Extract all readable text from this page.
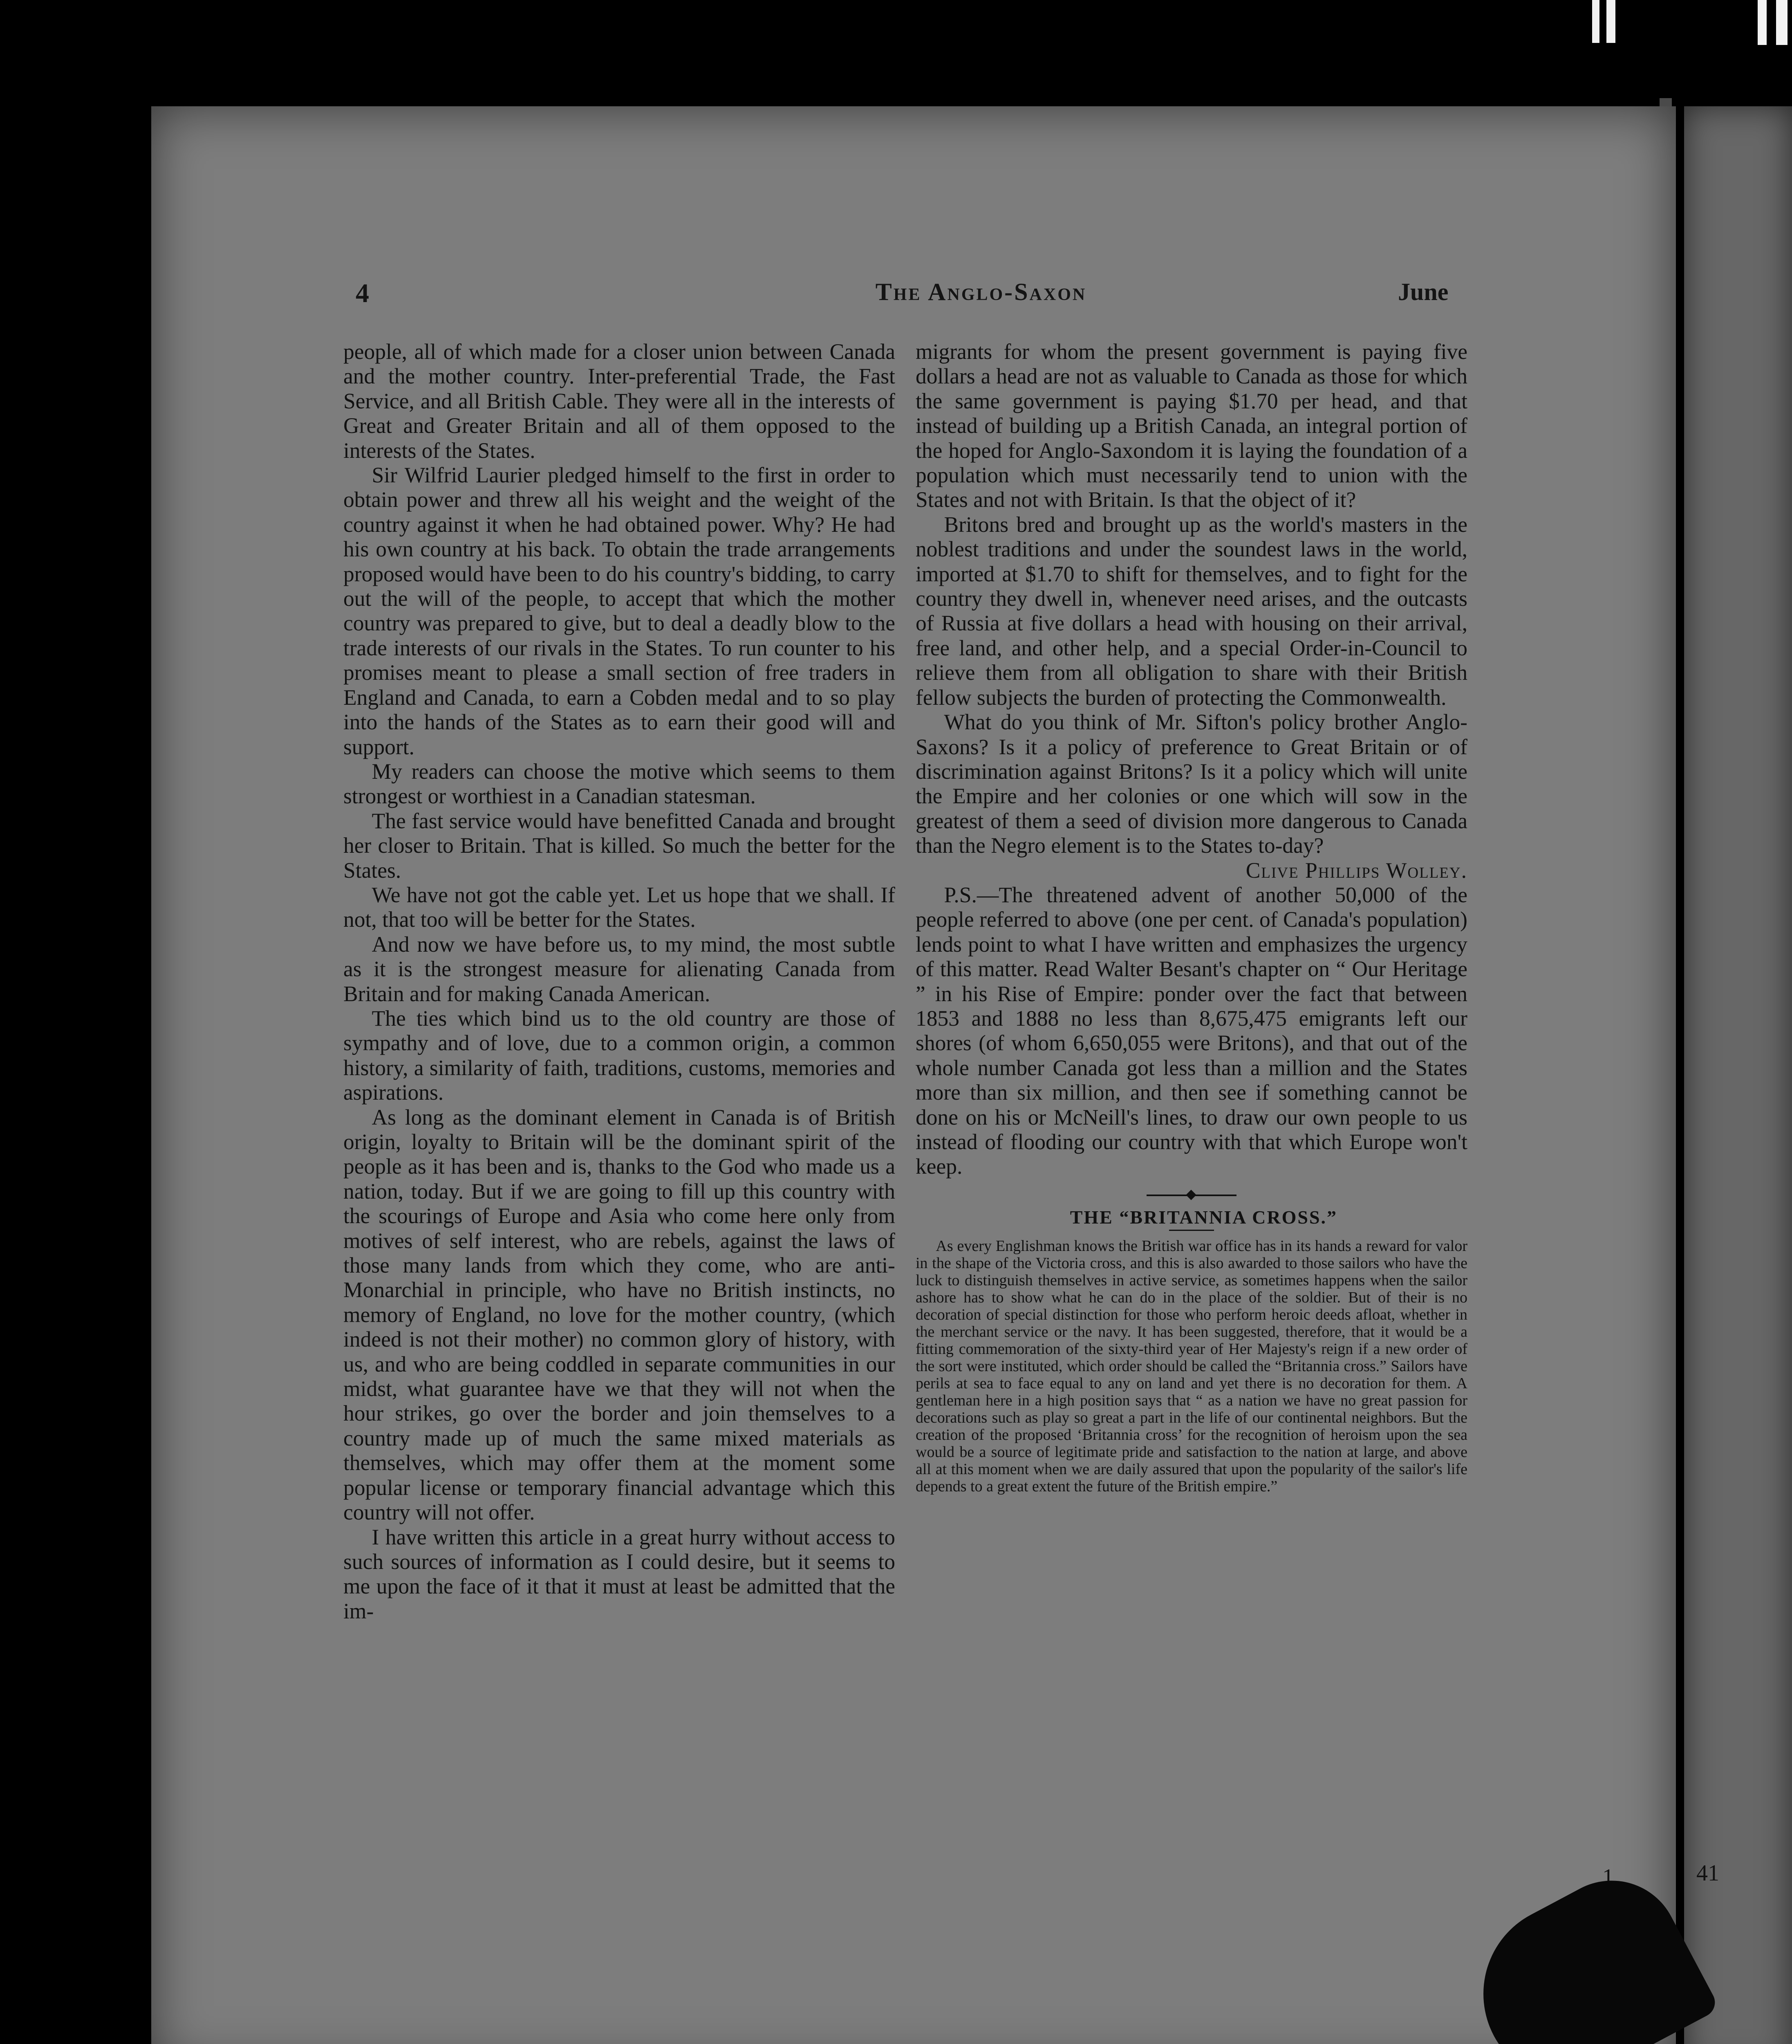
41
4	The Anglo-Saxon	June

people, all of which made for a closer union between Canada and the mother country. Inter-preferential Trade, the Fast Service, and all British Cable. They were all in the interests of Great and Greater Britain and all of them opposed to the interests of the States.

Sir Wilfrid Laurier pledged himself to the first in order to obtain power and threw all his weight and the weight of the country against it when he had obtained power. Why? He had his own country at his back. To obtain the trade arrangements proposed would have been to do his country's bidding, to carry out the will of the people, to accept that which the mother country was prepared to give, but to deal a deadly blow to the trade interests of our rivals in the States. To run counter to his promises meant to please a small section of free traders in England and Canada, to earn a Cobden medal and to so play into the hands of the States as to earn their good will and support.

My readers can choose the motive which seems to them strongest or worthiest in a Canadian statesman.

The fast service would have benefitted Canada and brought her closer to Britain. That is killed. So much the better for the States.

We have not got the cable yet. Let us hope that we shall. If not, that too will be better for the States.

And now we have before us, to my mind, the most subtle as it is the strongest measure for alienating Canada from Britain and for making Canada American.

The ties which bind us to the old country are those of sympathy and of love, due to a common origin, a common history, a similarity of faith, traditions, customs, memories and aspirations.

As long as the dominant element in Canada is of British origin, loyalty to Britain will be the dominant spirit of the people as it has been and is, thanks to the God who made us a nation, today. But if we are going to fill up this country with the scourings of Europe and Asia who come here only from motives of self interest, who are rebels, against the laws of those many lands from which they come, who are anti-Monarchial in principle, who have no British instincts, no memory of England, no love for the mother country, (which indeed is not their mother) no common glory of history, with us, and who are being coddled in separate communities in our midst, what guarantee have we that they will not when the hour strikes, go over the border and join themselves to a country made up of much the same mixed materials as themselves, which may offer them at the moment some popular license or temporary financial advantage which this country will not offer.

I have written this article in a great hurry without access to such sources of information as I could desire, but it seems to me upon the face of it that it must at least be admitted that the im-

migrants for whom the present government is paying five dollars a head are not as valuable to Canada as those for which the same government is paying $1.70 per head, and that instead of building up a British Canada, an integral portion of the hoped for Anglo-Saxondom it is laying the foundation of a population which must necessarily tend to union with the States and not with Britain. Is that the object of it?

Britons bred and brought up as the world's masters in the noblest traditions and under the soundest laws in the world, imported at $1.70 to shift for themselves, and to fight for the country they dwell in, whenever need arises, and the outcasts of Russia at five dollars a head with housing on their arrival, free land, and other help, and a special Order-in-Council to relieve them from all obligation to share with their British fellow subjects the burden of protecting the Commonwealth.

What do you think of Mr. Sifton's policy brother Anglo-Saxons? Is it a policy of preference to Great Britain or of discrimination against Britons? Is it a policy which will unite the Empire and her colonies or one which will sow in the greatest of them a seed of division more dangerous to Canada than the Negro element is to the States to-day?

Clive Phillips Wolley.

P.S.—The threatened advent of another 50,000 of the people referred to above (one per cent. of Canada's population) lends point to what I have written and emphasizes the urgency of this matter. Read Walter Besant's chapter on “ Our Heritage ” in his Rise of Empire: ponder over the fact that between 1853 and 1888 no less than 8,675,475 emigrants left our shores (of whom 6,650,055 were Britons), and that out of the whole number Canada got less than a million and the States more than six million, and then see if something cannot be done on his or McNeill's lines, to draw our own people to us instead of flooding our country with that which Europe won't keep.

THE “BRITANNIA CROSS.”

As every Englishman knows the British war office has in its hands a reward for valor in the shape of the Victoria cross, and this is also awarded to those sailors who have the luck to distinguish themselves in active service, as sometimes happens when the sailor ashore has to show what he can do in the place of the soldier. But of their is no decoration of special distinction for those who perform heroic deeds afloat, whether in the merchant service or the navy. It has been suggested, therefore, that it would be a fitting commemoration of the sixty-third year of Her Majesty's reign if a new order of the sort were instituted, which order should be called the “Britannia cross.” Sailors have perils at sea to face equal to any on land and yet there is no decoration for them. A gentleman here in a high position says that “ as a nation we have no great passion for decorations such as play so great a part in the life of our continental neighbors. But the creation of the proposed ‘Britannia cross’ for the recognition of heroism upon the sea would be a source of legitimate pride and satisfaction to the nation at large, and above all at this moment when we are daily assured that upon the popularity of the sailor's life depends to a great extent the future of the British empire.”

1
